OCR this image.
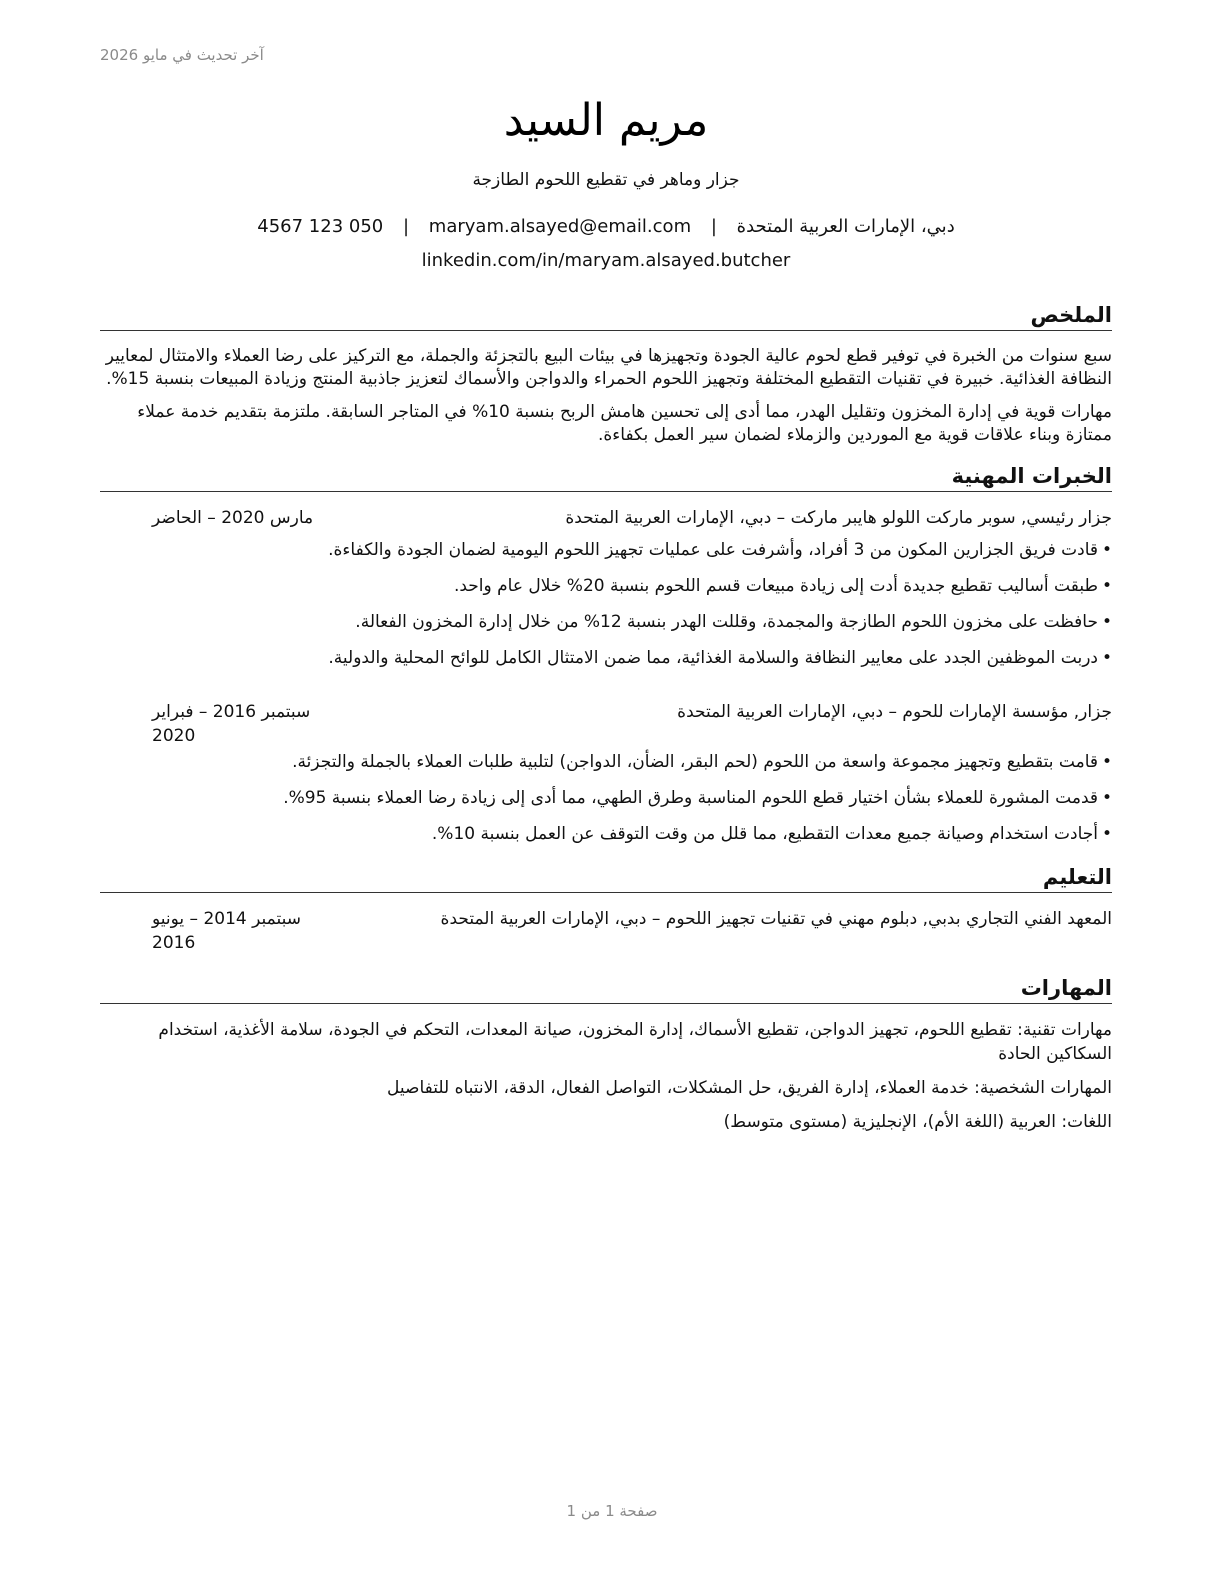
آخر تحديث في مايو 2026
مريم السيد
جزار وماهر في تقطيع اللحوم الطازجة
دبي، الإمارات العربية المتحدة | maryam.alsayed@email.com | 4567 123 050
linkedin.com/in/maryam.alsayed.butcher
الملخص

سبع سنوات من الخبرة في توفير قطع لحوم عالية الجودة وتجهيزها في بيئات البيع بالتجزئة والجملة، مع التركيز على رضا العملاء والامتثال لمعايير النظافة الغذائية. خبيرة في تقنيات التقطيع المختلفة وتجهيز اللحوم الحمراء والدواجن والأسماك لتعزيز جاذبية المنتج وزيادة المبيعات بنسبة 15%.

مهارات قوية في إدارة المخزون وتقليل الهدر، مما أدى إلى تحسين هامش الربح بنسبة 10% في المتاجر السابقة. ملتزمة بتقديم خدمة عملاء ممتازة وبناء علاقات قوية مع الموردين والزملاء لضمان سير العمل بكفاءة.

الخبرات المهنية
جزار رئيسي, سوبر ماركت اللولو هايبر ماركت – دبي، الإمارات العربية المتحدة
مارس 2020 – الحاضر
•قادت فريق الجزارين المكون من 3 أفراد، وأشرفت على عمليات تجهيز اللحوم اليومية لضمان الجودة والكفاءة.
•طبقت أساليب تقطيع جديدة أدت إلى زيادة مبيعات قسم اللحوم بنسبة 20% خلال عام واحد.
•حافظت على مخزون اللحوم الطازجة والمجمدة، وقللت الهدر بنسبة 12% من خلال إدارة المخزون الفعالة.
•دربت الموظفين الجدد على معايير النظافة والسلامة الغذائية، مما ضمن الامتثال الكامل للوائح المحلية والدولية.
جزار, مؤسسة الإمارات للحوم – دبي، الإمارات العربية المتحدة
سبتمبر 2016 – فبراير 2020
•قامت بتقطيع وتجهيز مجموعة واسعة من اللحوم (لحم البقر، الضأن، الدواجن) لتلبية طلبات العملاء بالجملة والتجزئة.
•قدمت المشورة للعملاء بشأن اختيار قطع اللحوم المناسبة وطرق الطهي، مما أدى إلى زيادة رضا العملاء بنسبة 95%.
•أجادت استخدام وصيانة جميع معدات التقطيع، مما قلل من وقت التوقف عن العمل بنسبة 10%.
التعليم
المعهد الفني التجاري بدبي, دبلوم مهني في تقنيات تجهيز اللحوم – دبي، الإمارات العربية المتحدة
سبتمبر 2014 – يونيو 2016
المهارات

مهارات تقنية: تقطيع اللحوم، تجهيز الدواجن، تقطيع الأسماك، إدارة المخزون، صيانة المعدات، التحكم في الجودة، سلامة الأغذية، استخدام السكاكين الحادة

المهارات الشخصية: خدمة العملاء، إدارة الفريق، حل المشكلات، التواصل الفعال، الدقة، الانتباه للتفاصيل

اللغات: العربية (اللغة الأم)، الإنجليزية (مستوى متوسط)

صفحة 1 من 1
